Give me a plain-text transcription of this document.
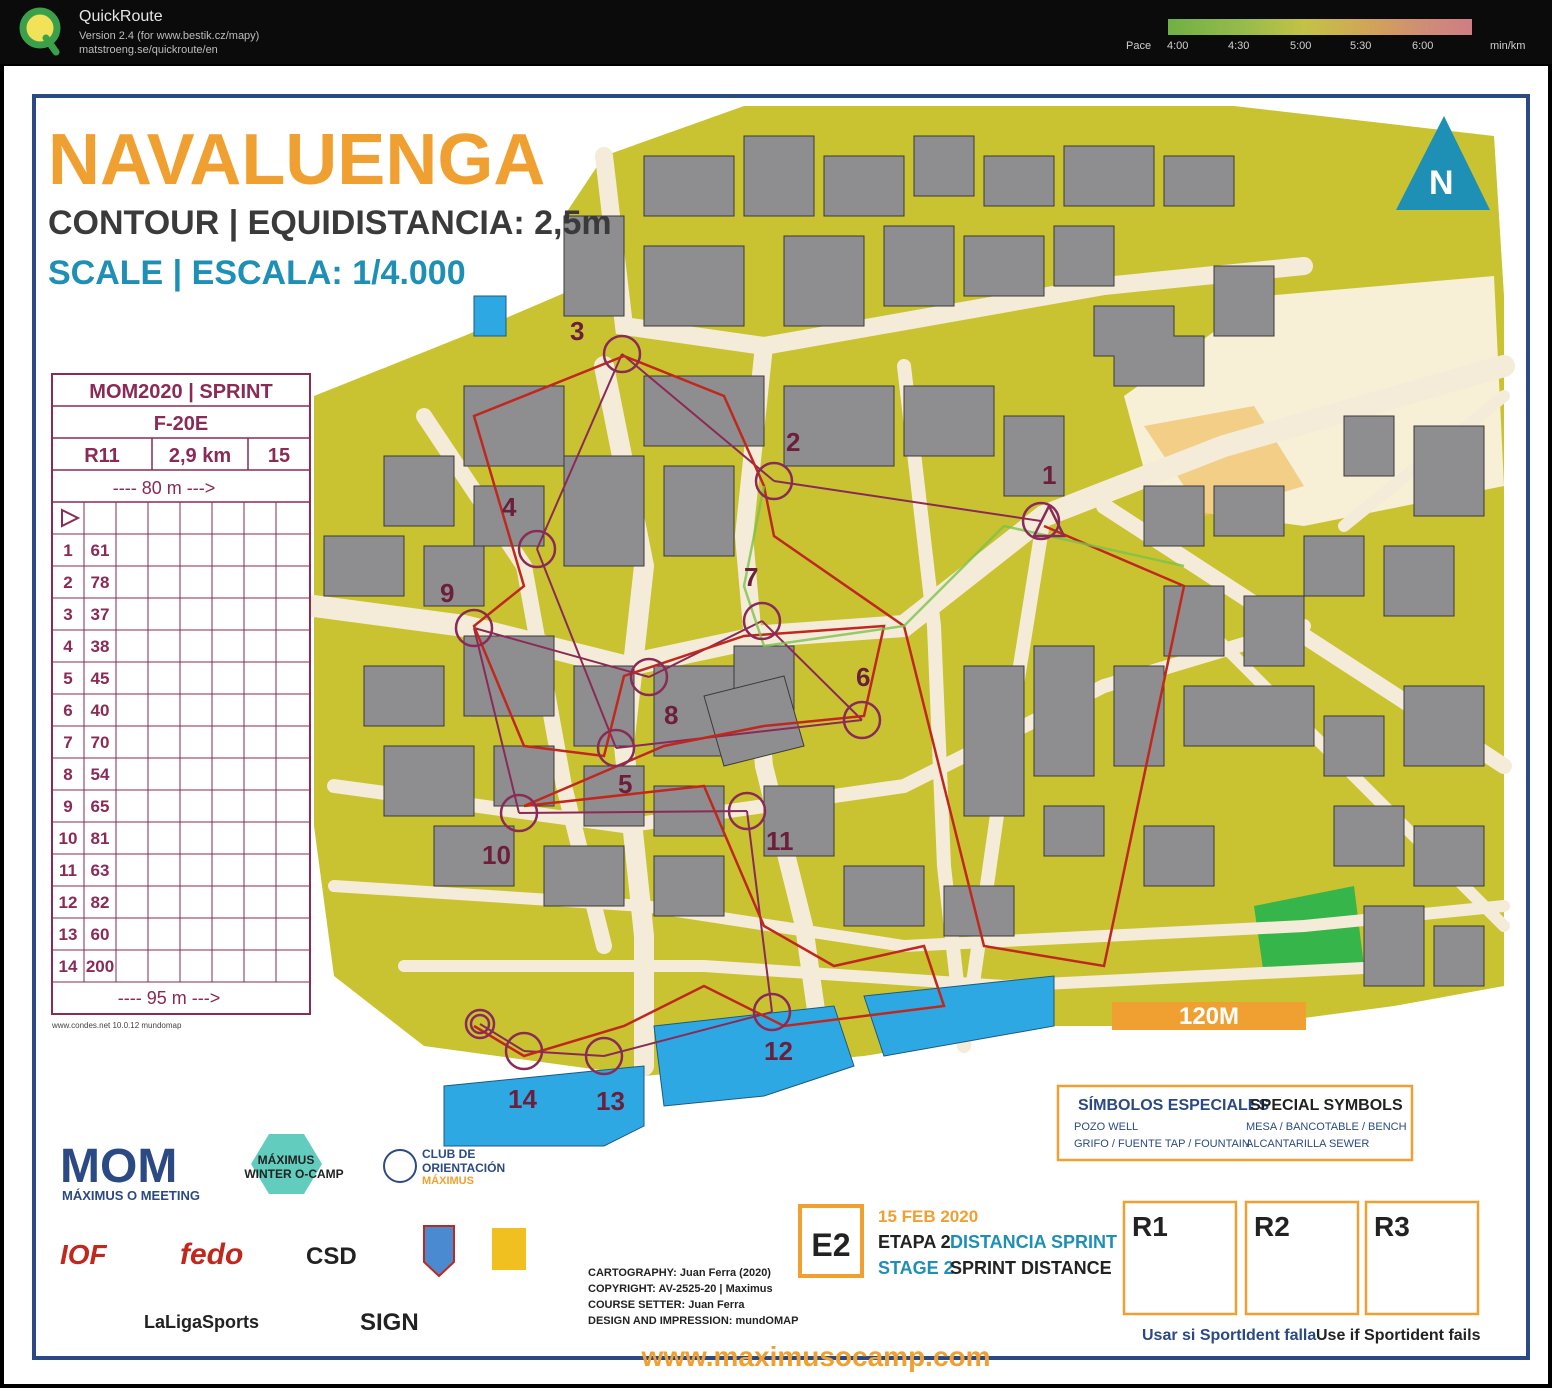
QuickRoute
Version 2.4 (for www.bestik.cz/mapy)
matstroeng.se/quickroute/en	Pace 4:00	4:30	5:00	5:30	6:00	min/km
1
2
3
4
5
6
7
8
9
10	11
12
13
14
NAVALUENGA
CONTOUR | EQUIDISTANCIA: 2,5m
SCALE | ESCALA: 1/4.000
N
MOM2020 | SPRINT
F-20E
R11 2,9 km 15
---- 80 m --->
1 61
2 78
3 37
4 38
5 45
6 40
7 70
8 54
9 65
10 81
11 63
12 82
13 60
14 200
---- 95 m --->
www.condes.net 10.0.12 mundomap	120M
SÍMBOLOS ESPECIALES
SPECIAL SYMBOLS
POZO WELL	MESA / BANCOTABLE / BENCH
GRIFO / FUENTE TAP / FOUNTAIN
ALCANTARILLA SEWER
E2
15 FEB 2020
ETAPA 2 DISTANCIA SPRINT
STAGE 2
SPRINT DISTANCE
CARTOGRAPHY: Juan Ferra (2020)
COPYRIGHT: AV-2525-20 | Maximus
COURSE SETTER: Juan Ferra
DESIGN AND IMPRESSION: mundOMAP
R1	R2	R3
Usar si SportIdent falla Use if Sportident fails
www.maximusocamp.com
MOM
MÁXIMUS O MEETING
MÁXIMUS
WINTER O-CAMP
CLUB DE
ORIENTACIÓN
MÁXIMUS
IOF fedo	CSD
LaLigaSports	SIGN
